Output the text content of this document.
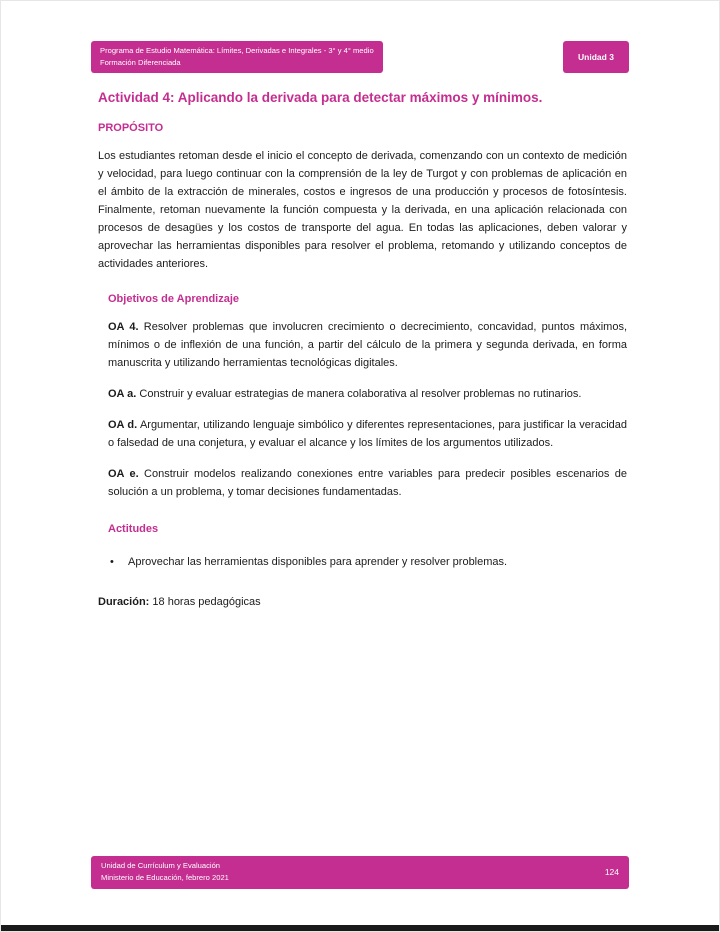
Programa de Estudio Matemática: Límites, Derivadas e Integrales - 3° y 4° medio
Formación Diferenciada
Unidad 3
Actividad 4: Aplicando la derivada para detectar máximos y mínimos.
PROPÓSITO

Los estudiantes retoman desde el inicio el concepto de derivada, comenzando con un contexto de medición y velocidad, para luego continuar con la comprensión de la ley de Turgot y con problemas de aplicación en el ámbito de la extracción de minerales, costos e ingresos de una producción y procesos de fotosíntesis. Finalmente, retoman nuevamente la función compuesta y la derivada, en una aplicación relacionada con procesos de desagües y los costos de transporte del agua. En todas las aplicaciones, deben valorar y aprovechar las herramientas disponibles para resolver el problema, retomando y utilizando conceptos de actividades anteriores.

Objetivos de Aprendizaje

OA 4. Resolver problemas que involucren crecimiento o decrecimiento, concavidad, puntos máximos, mínimos o de inflexión de una función, a partir del cálculo de la primera y segunda derivada, en forma manuscrita y utilizando herramientas tecnológicas digitales.

OA a. Construir y evaluar estrategias de manera colaborativa al resolver problemas no rutinarios.

OA d. Argumentar, utilizando lenguaje simbólico y diferentes representaciones, para justificar la veracidad o falsedad de una conjetura, y evaluar el alcance y los límites de los argumentos utilizados.

OA e. Construir modelos realizando conexiones entre variables para predecir posibles escenarios de solución a un problema, y tomar decisiones fundamentadas.

Actitudes
• Aprovechar las herramientas disponibles para aprender y resolver problemas.

Duración: 18 horas pedagógicas

Unidad de Currículum y Evaluación
Ministerio de Educación, febrero 2021
124
